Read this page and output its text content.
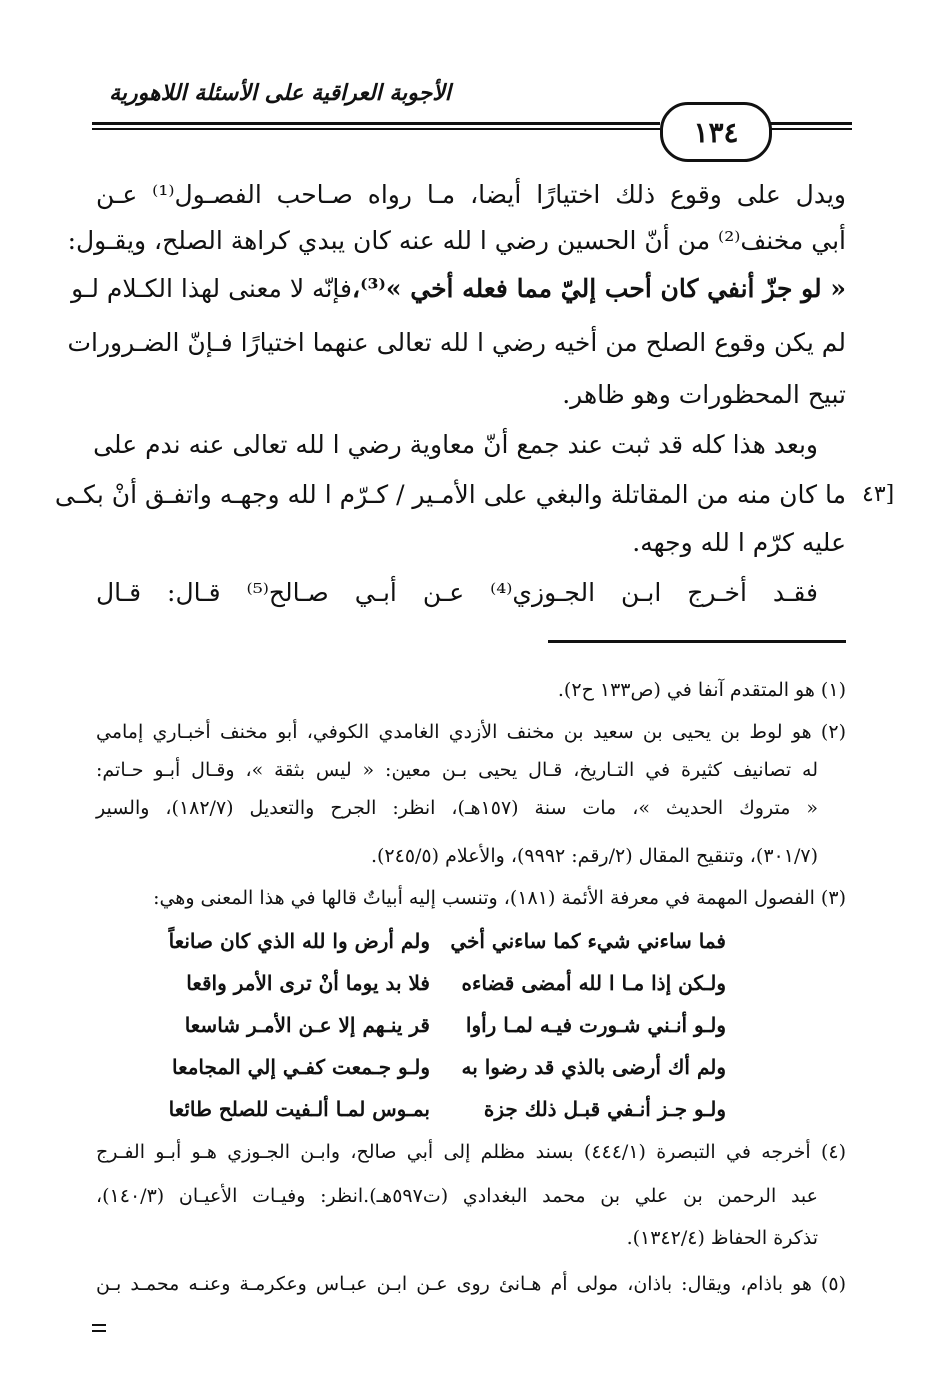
الأجوبة العراقية على الأسئلة اللاهورية
١٣٤
ويدل على وقوع ذلك اختيارًا أيضا، مـا رواه صـاحب الفصـول⁽¹⁾ عـن
أبي مخنف⁽²⁾ من أنّ الحسين رضي ا لله عنه كان يبدي كراهة الصلح، ويقـول:
« لو جزّ أنفي كان أحب إليّ مما فعله أخي »⁽³⁾،
فإنّه لا معنى لهذا الكـلام لـو
لم يكن وقوع الصلح من أخيه رضي ا لله تعالى عنهما اختيارًا فـإنّ الضـرورات
تبيح المحظورات وهو ظاهر.
وبعد هذا كله قد ثبت عند جمع أنّ معاوية رضي ا لله تعالى عنه ندم على
ما كان منه من المقاتلة والبغي على الأمـير / كـرّم ا لله وجهـه واتفـق أنْ بكـى [٤٣
عليه كرّم ا لله وجهه.
فقـد أخـرج ابـن الجـوزي⁽⁴⁾ عـن أبـي صـالح⁽⁵⁾ قـال: قـال
(١) هو المتقدم آنفا في (ص١٣٣ ح٢).
(٢) هو لوط بن يحيى بن سعيد بن مخنف الأزدي الغامدي الكوفي، أبو مخنف أخبـاري إمامي
له تصانيف كثيرة في التـاريخ، قـال يحيى بـن معين: « ليس بثقة »، وقـال أبـو حـاتم:
« متروك الحديث »، مات سنة (١٥٧هـ)، انظر: الجرح والتعديل (١٨٢/٧)، والسير
(٣٠١/٧)، وتنقيح المقال (٢/رقم: ٩٩٩٢)، والأعلام (٢٤٥/٥).
(٣) الفصول المهمة في معرفة الأئمة (١٨١)، وتنسب إليه أبياتٌ قالها في هذا المعنى وهي:
فما ساءني شيء كما ساءني أخي
ولم أرض وا لله الذي كان صانعاً
ولـكن إذا مـا ا لله أمضى قضاءه
فلا بد يوما أنْ ترى الأمر واقعا
ولـو أنـني شـورت فيـه لمـا رأوا
قر ينـهم إلا عـن الأمـر شاسعا
ولم أك أرضى بالذي قد رضوا به
ولـو جـمعت كفـي إلي المجامعا
ولـو جـز أنـفي قبـل ذلك جزة
بمـوس لمـا ألـفيت للصلح طائعا
(٤) أخرجه في التبصرة (٤٤٤/١) بسند مظلم إلى أبي صالح، وابـن الجـوزي هـو أبـو الفـرج
عبد الرحمن بن علي بن محمد البغدادي (ت٥٩٧هـ).انظر: وفيـات الأعيـان (١٤٠/٣)،
تذكرة الحفاظ (١٣٤٢/٤).
(٥) هو باذام، ويقال: باذان، مولى أم هـانئ روى عـن ابـن عبـاس وعكرمـة وعنـه محمـد بـن
